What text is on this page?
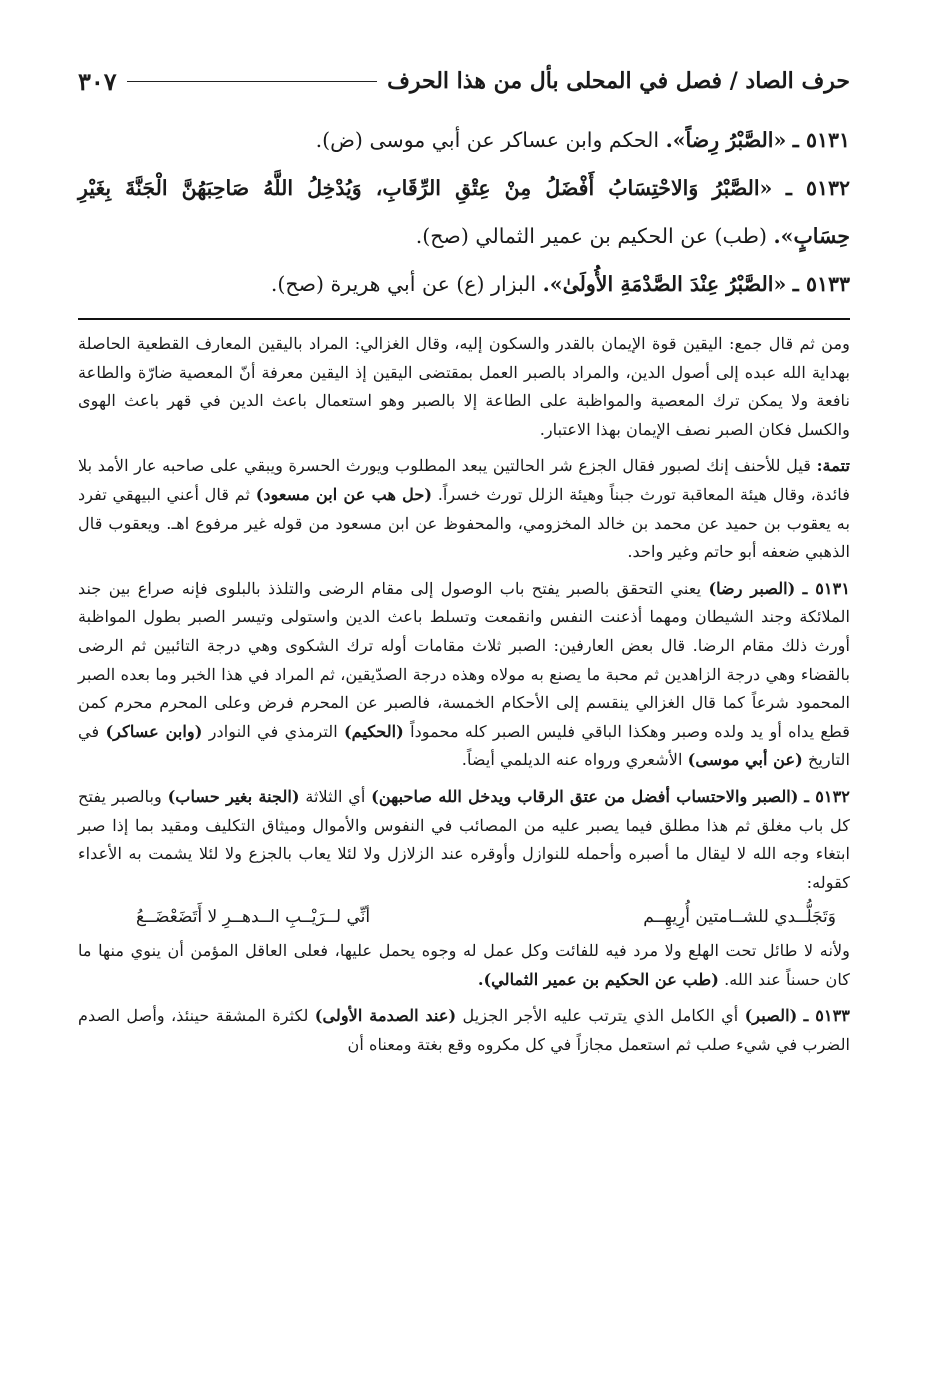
حرف الصاد / فصل في المحلى بأل من هذا الحرف
٣٠٧

٥١٣١ ـ «الصَّبْرُ رِضاً». الحكم وابن عساكر عن أبي موسى (ض).

٥١٣٢ ـ «الصَّبْرُ وَالاحْتِسَابُ أَفْضَلُ مِنْ عِتْقِ الرِّقَابِ، وَيُدْخِلُ اللَّهُ صَاحِبَهُنَّ الْجَنَّةَ بِغَيْرِ حِسَابٍ». (طب) عن الحكيم بن عمير الثمالي (صح).

٥١٣٣ ـ «الصَّبْرُ عِنْدَ الصَّدْمَةِ الأُولَىٰ». البزار (ع) عن أبي هريرة (صح).

ومن ثم قال جمع: اليقين قوة الإيمان بالقدر والسكون إليه، وقال الغزالي: المراد باليقين المعارف القطعية الحاصلة بهداية الله عبده إلى أصول الدين، والمراد بالصبر العمل بمقتضى اليقين إذ اليقين معرفة أنّ المعصية ضارّة والطاعة نافعة ولا يمكن ترك المعصية والمواظبة على الطاعة إلا بالصبر وهو استعمال باعث الدين في قهر باعث الهوى والكسل فكان الصبر نصف الإيمان بهذا الاعتبار.

تتمة: قيل للأحنف إنك لصبور فقال الجزع شر الحالتين يبعد المطلوب ويورث الحسرة ويبقي على صاحبه عار الأمد بلا فائدة، وقال هيئة المعاقبة تورث جبناً وهيئة الزلل تورث خسراً. (حل هب عن ابن مسعود) ثم قال أعني البيهقي تفرد به يعقوب بن حميد عن محمد بن خالد المخزومي، والمحفوظ عن ابن مسعود من قوله غير مرفوع اهـ. ويعقوب قال الذهبي ضعفه أبو حاتم وغير واحد.

٥١٣١ ـ (الصبر رضا) يعني التحقق بالصبر يفتح باب الوصول إلى مقام الرضى والتلذذ بالبلوى فإنه صراع بين جند الملائكة وجند الشيطان ومهما أذعنت النفس وانقمعت وتسلط باعث الدين واستولى وتيسر الصبر بطول المواظبة أورث ذلك مقام الرضا. قال بعض العارفين: الصبر ثلاث مقامات أوله ترك الشكوى وهي درجة التائبين ثم الرضى بالقضاء وهي درجة الزاهدين ثم محبة ما يصنع به مولاه وهذه درجة الصدّيقين، ثم المراد في هذا الخبر وما بعده الصبر المحمود شرعاً كما قال الغزالي ينقسم إلى الأحكام الخمسة، فالصبر عن المحرم فرض وعلى المحرم محرم كمن قطع يداه أو يد ولده وصبر وهكذا الباقي فليس الصبر كله محموداً (الحكيم) الترمذي في النوادر (وابن عساكر) في التاريخ (عن أبي موسى) الأشعري ورواه عنه الديلمي أيضاً.

٥١٣٢ ـ (الصبر والاحتساب أفضل من عتق الرقاب ويدخل الله صاحبهن) أي الثلاثة (الجنة بغير حساب) وبالصبر يفتح كل باب مغلق ثم هذا مطلق فيما يصبر عليه من المصائب في النفوس والأموال وميثاق التكليف ومقيد بما إذا صبر ابتغاء وجه الله لا ليقال ما أصبره وأحمله للنوازل وأوقره عند الزلازل ولا لئلا يعاب بالجزع ولا لئلا يشمت به الأعداء كقوله:

وَتَجَلُّــدي للشــامتين أُرِيهِــم
أنِّي لــرَيْــبِ الــدهــرِ لا أَتَضَعْضَــعُ

ولأنه لا طائل تحت الهلع ولا مرد فيه للفائت وكل عمل له وجوه يحمل عليها، فعلى العاقل المؤمن أن ينوي منها ما كان حسناً عند الله. (طب عن الحكيم بن عمير الثمالي).

٥١٣٣ ـ (الصبر) أي الكامل الذي يترتب عليه الأجر الجزيل (عند الصدمة الأولى) لكثرة المشقة حينئذ، وأصل الصدم الضرب في شيء صلب ثم استعمل مجازاً في كل مكروه وقع بغتة ومعناه أن
